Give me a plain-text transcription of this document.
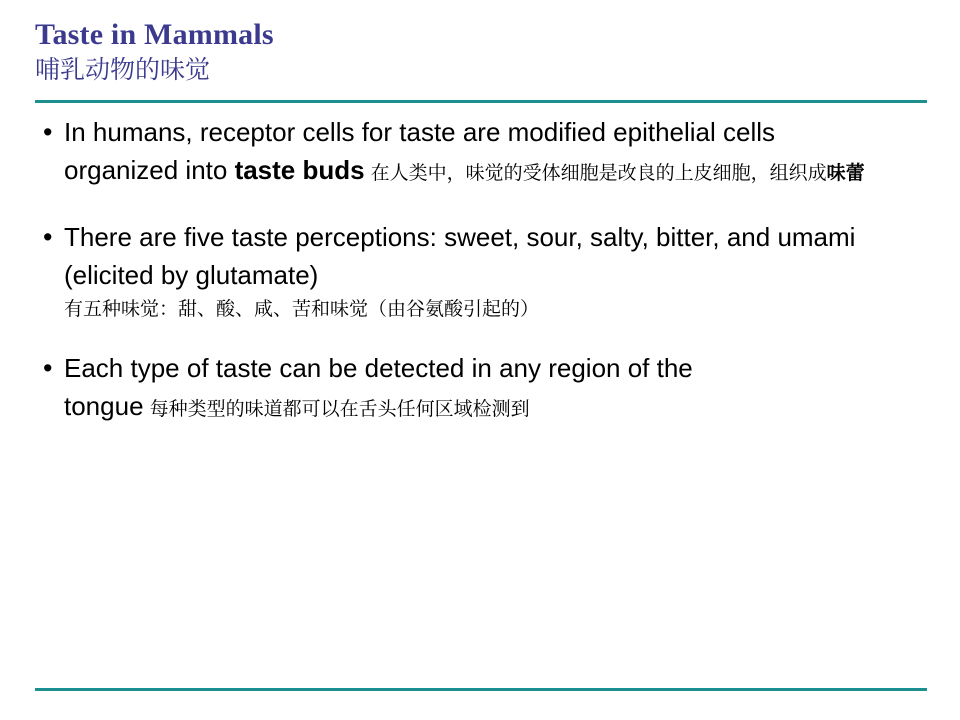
Taste in Mammals
哺乳动物的味觉
• In humans, receptor cells for taste are modified epithelial cells organized into taste buds 在人类中，味觉的受体细胞是改良的上皮细胞，组织成味蕾
• There are five taste perceptions: sweet, sour, salty, bitter, and umami (elicited by glutamate)
有五种味觉：甜、酸、咸、苦和味觉（由谷氨酸引起的）
• Each type of taste can be detected in any region of the tongue 每种类型的味道都可以在舌头任何区域检测到
